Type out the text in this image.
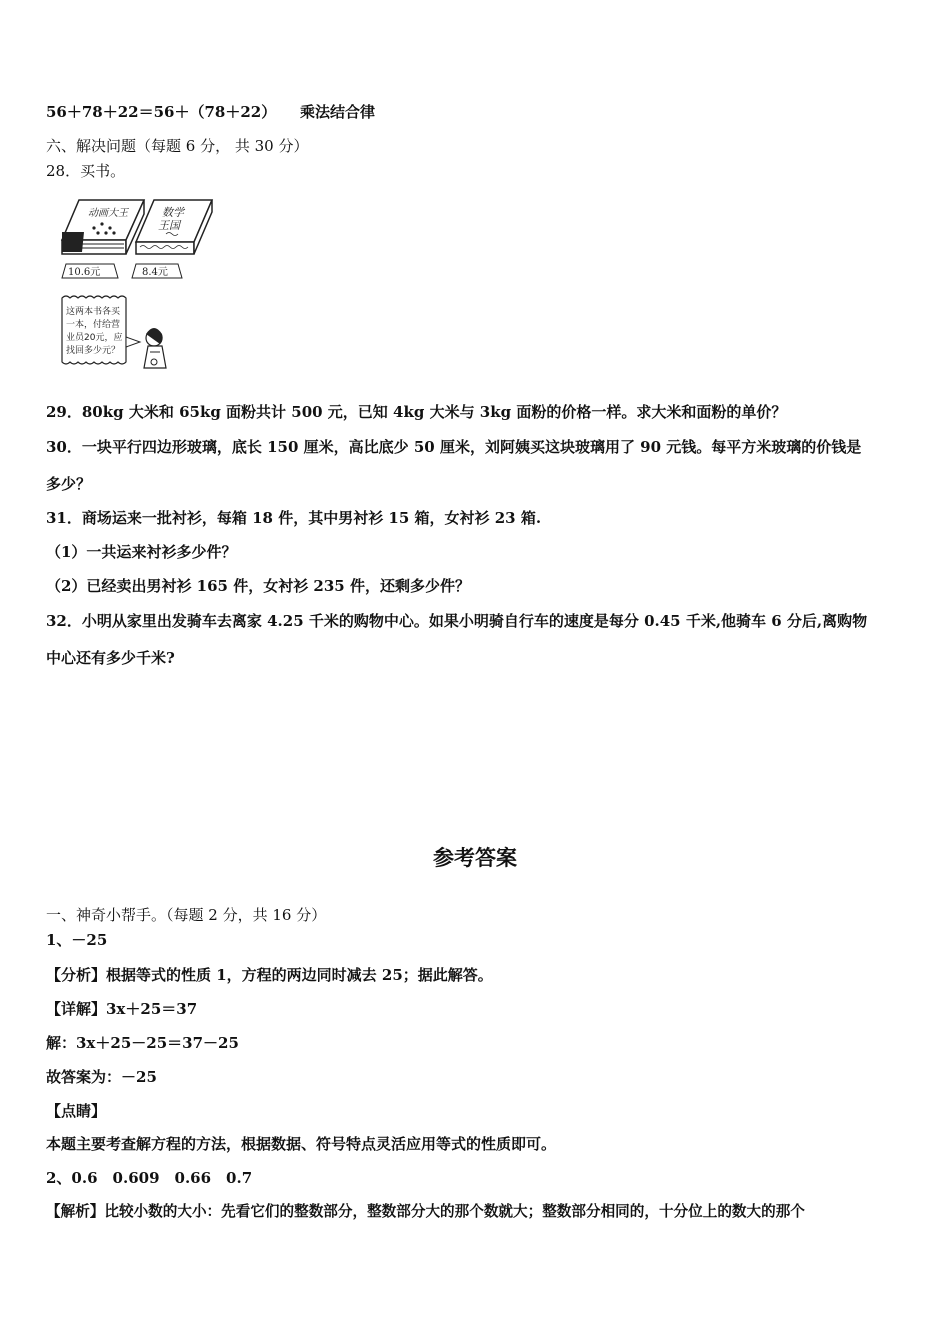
56＋78＋22＝56＋（78＋22） 乘法结合律
六、解决问题（每题 6 分， 共 30 分）
28．买书。
动画大王	数学
王国
10.6元	8.4元
这两本书各买
一本，付给营
业员20元，应
找回多少元？
29．80kg 大米和 65kg 面粉共计 500 元，已知 4kg 大米与 3kg 面粉的价格一样。求大米和面粉的单价？
30．一块平行四边形玻璃，底长 150 厘米，高比底少 50 厘米，刘阿姨买这块玻璃用了 90 元钱。每平方米玻璃的价钱是
多少？
31．商场运来一批衬衫，每箱 18 件，其中男衬衫 15 箱，女衬衫 23 箱.
（1）一共运来衬衫多少件？
（2）已经卖出男衬衫 165 件，女衬衫 235 件，还剩多少件？
32．小明从家里出发骑车去离家 4.25 千米的购物中心。如果小明骑自行车的速度是每分 0.45 千米,他骑车 6 分后,离购物
中心还有多少千米?
参考答案
一、神奇小帮手。（每题 2 分，共 16 分）
1、－25
【分析】根据等式的性质 1，方程的两边同时减去 25；据此解答。
【详解】3x＋25＝37
解：3x＋25－25＝37－25
故答案为：－25
【点睛】
本题主要考查解方程的方法，根据数据、符号特点灵活应用等式的性质即可。
2、0.6　0.609　0.66　0.7
【解析】比较小数的大小：先看它们的整数部分，整数部分大的那个数就大；整数部分相同的，十分位上的数大的那个
